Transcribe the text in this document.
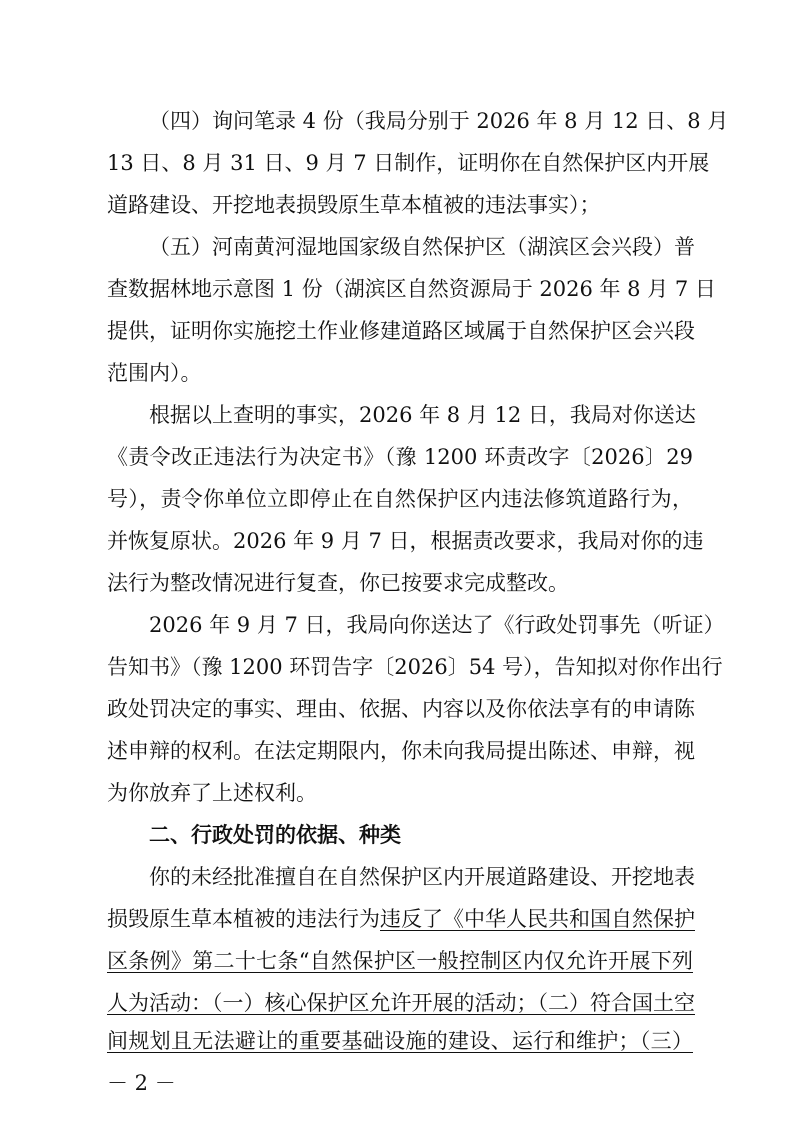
（四）询问笔录 4 份（我局分别于 2026 年 8 月 12 日、8 月
13 日、8 月 31 日、9 月 7 日制作，证明你在自然保护区内开展
道路建设、开挖地表损毁原生草本植被的违法事实）；
（五）河南黄河湿地国家级自然保护区（湖滨区会兴段）普
查数据林地示意图 1 份（湖滨区自然资源局于 2026 年 8 月 7 日
提供，证明你实施挖土作业修建道路区域属于自然保护区会兴段
范围内）。
根据以上查明的事实，2026 年 8 月 12 日，我局对你送达
《责令改正违法行为决定书》（豫 1200 环责改字〔2026〕29
号），责令你单位立即停止在自然保护区内违法修筑道路行为，
并恢复原状。2026 年 9 月 7 日，根据责改要求，我局对你的违
法行为整改情况进行复查，你已按要求完成整改。
2026 年 9 月 7 日，我局向你送达了《行政处罚事先（听证）
告知书》（豫 1200 环罚告字〔2026〕54 号），告知拟对你作出行
政处罚决定的事实、理由、依据、内容以及你依法享有的申请陈
述申辩的权利。在法定期限内，你未向我局提出陈述、申辩，视
为你放弃了上述权利。
二、行政处罚的依据、种类
你的未经批准擅自在自然保护区内开展道路建设、开挖地表
损毁原生草本植被的违法行为违反了《中华人民共和国自然保护
区条例》第二十七条“自然保护区一般控制区内仅允许开展下列
人为活动：（一）核心保护区允许开展的活动；（二）符合国土空
－ 2 －
间规划且无法避让的重要基础设施的建设、运行和维护；（三）
